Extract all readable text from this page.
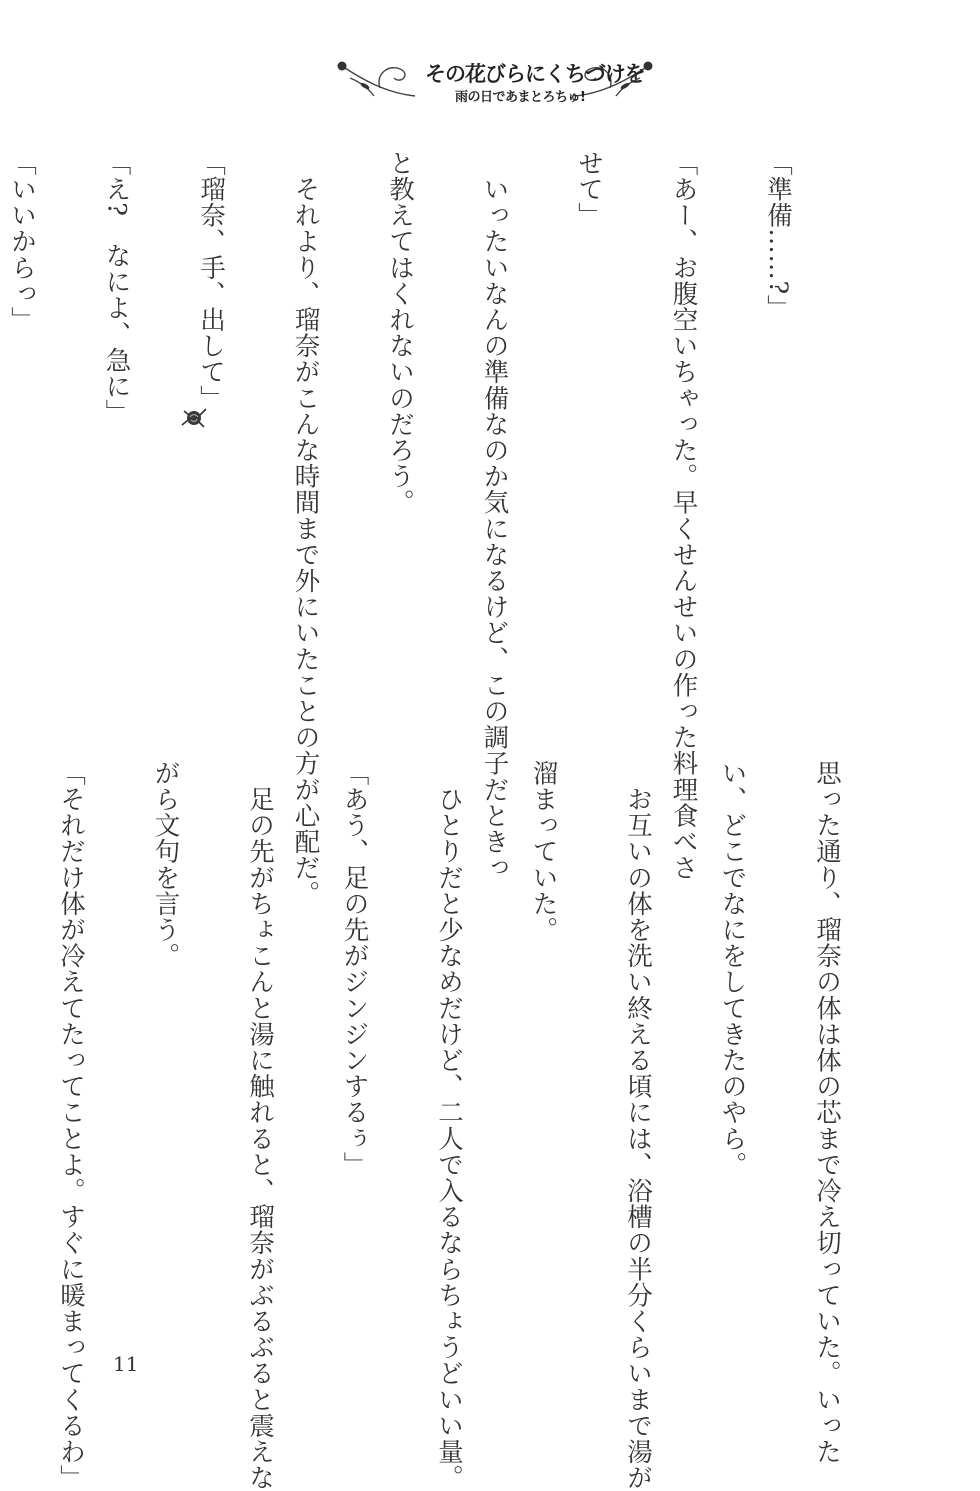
その花びらにくちづけを
雨の日であまとろちゅ!

「準備……?」

「あー、お腹空いちゃった。早くせんせいの作った料理食べさ

せて」

　いったいなんの準備なのか気になるけど、この調子だときっ

と教えてはくれないのだろう。

　それより、瑠奈がこんな時間まで外にいたことの方が心配だ。

「瑠奈、手、出して」

「え?　なによ、急に」

「いいからっ」

思った通り、瑠奈の体は体の芯まで冷え切っていた。いった

い、どこでなにをしてきたのやら。

　お互いの体を洗い終える頃には、浴槽の半分くらいまで湯が

溜まっていた。

　ひとりだと少なめだけど、二人で入るならちょうどいい量。

「あう、足の先がジンジンするぅ」

　足の先がちょこんと湯に触れると、瑠奈がぶるぶると震えな

がら文句を言う。

「それだけ体が冷えてたってことよ。すぐに暖まってくるわ」

11
